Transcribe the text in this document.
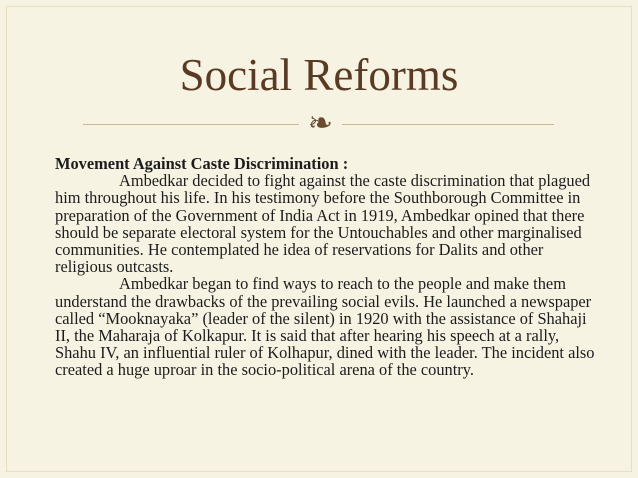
Social Reforms
❧

Movement Against Caste Discrimination :

Ambedkar decided to fight against the caste discrimination that plagued him throughout his life. In his testimony before the Southborough Committee in preparation of the Government of India Act in 1919, Ambedkar opined that there should be separate electoral system for the Untouchables and other marginalised communities. He contemplated he idea of reservations for Dalits and other religious outcasts.

Ambedkar began to find ways to reach to the people and make them understand the drawbacks of the prevailing social evils. He launched a newspaper called “Mooknayaka” (leader of the silent) in 1920 with the assistance of Shahaji II, the Maharaja of Kolkapur. It is said that after hearing his speech at a rally, Shahu IV, an influential ruler of Kolhapur, dined with the leader. The incident also created a huge uproar in the socio-political arena of the country.
